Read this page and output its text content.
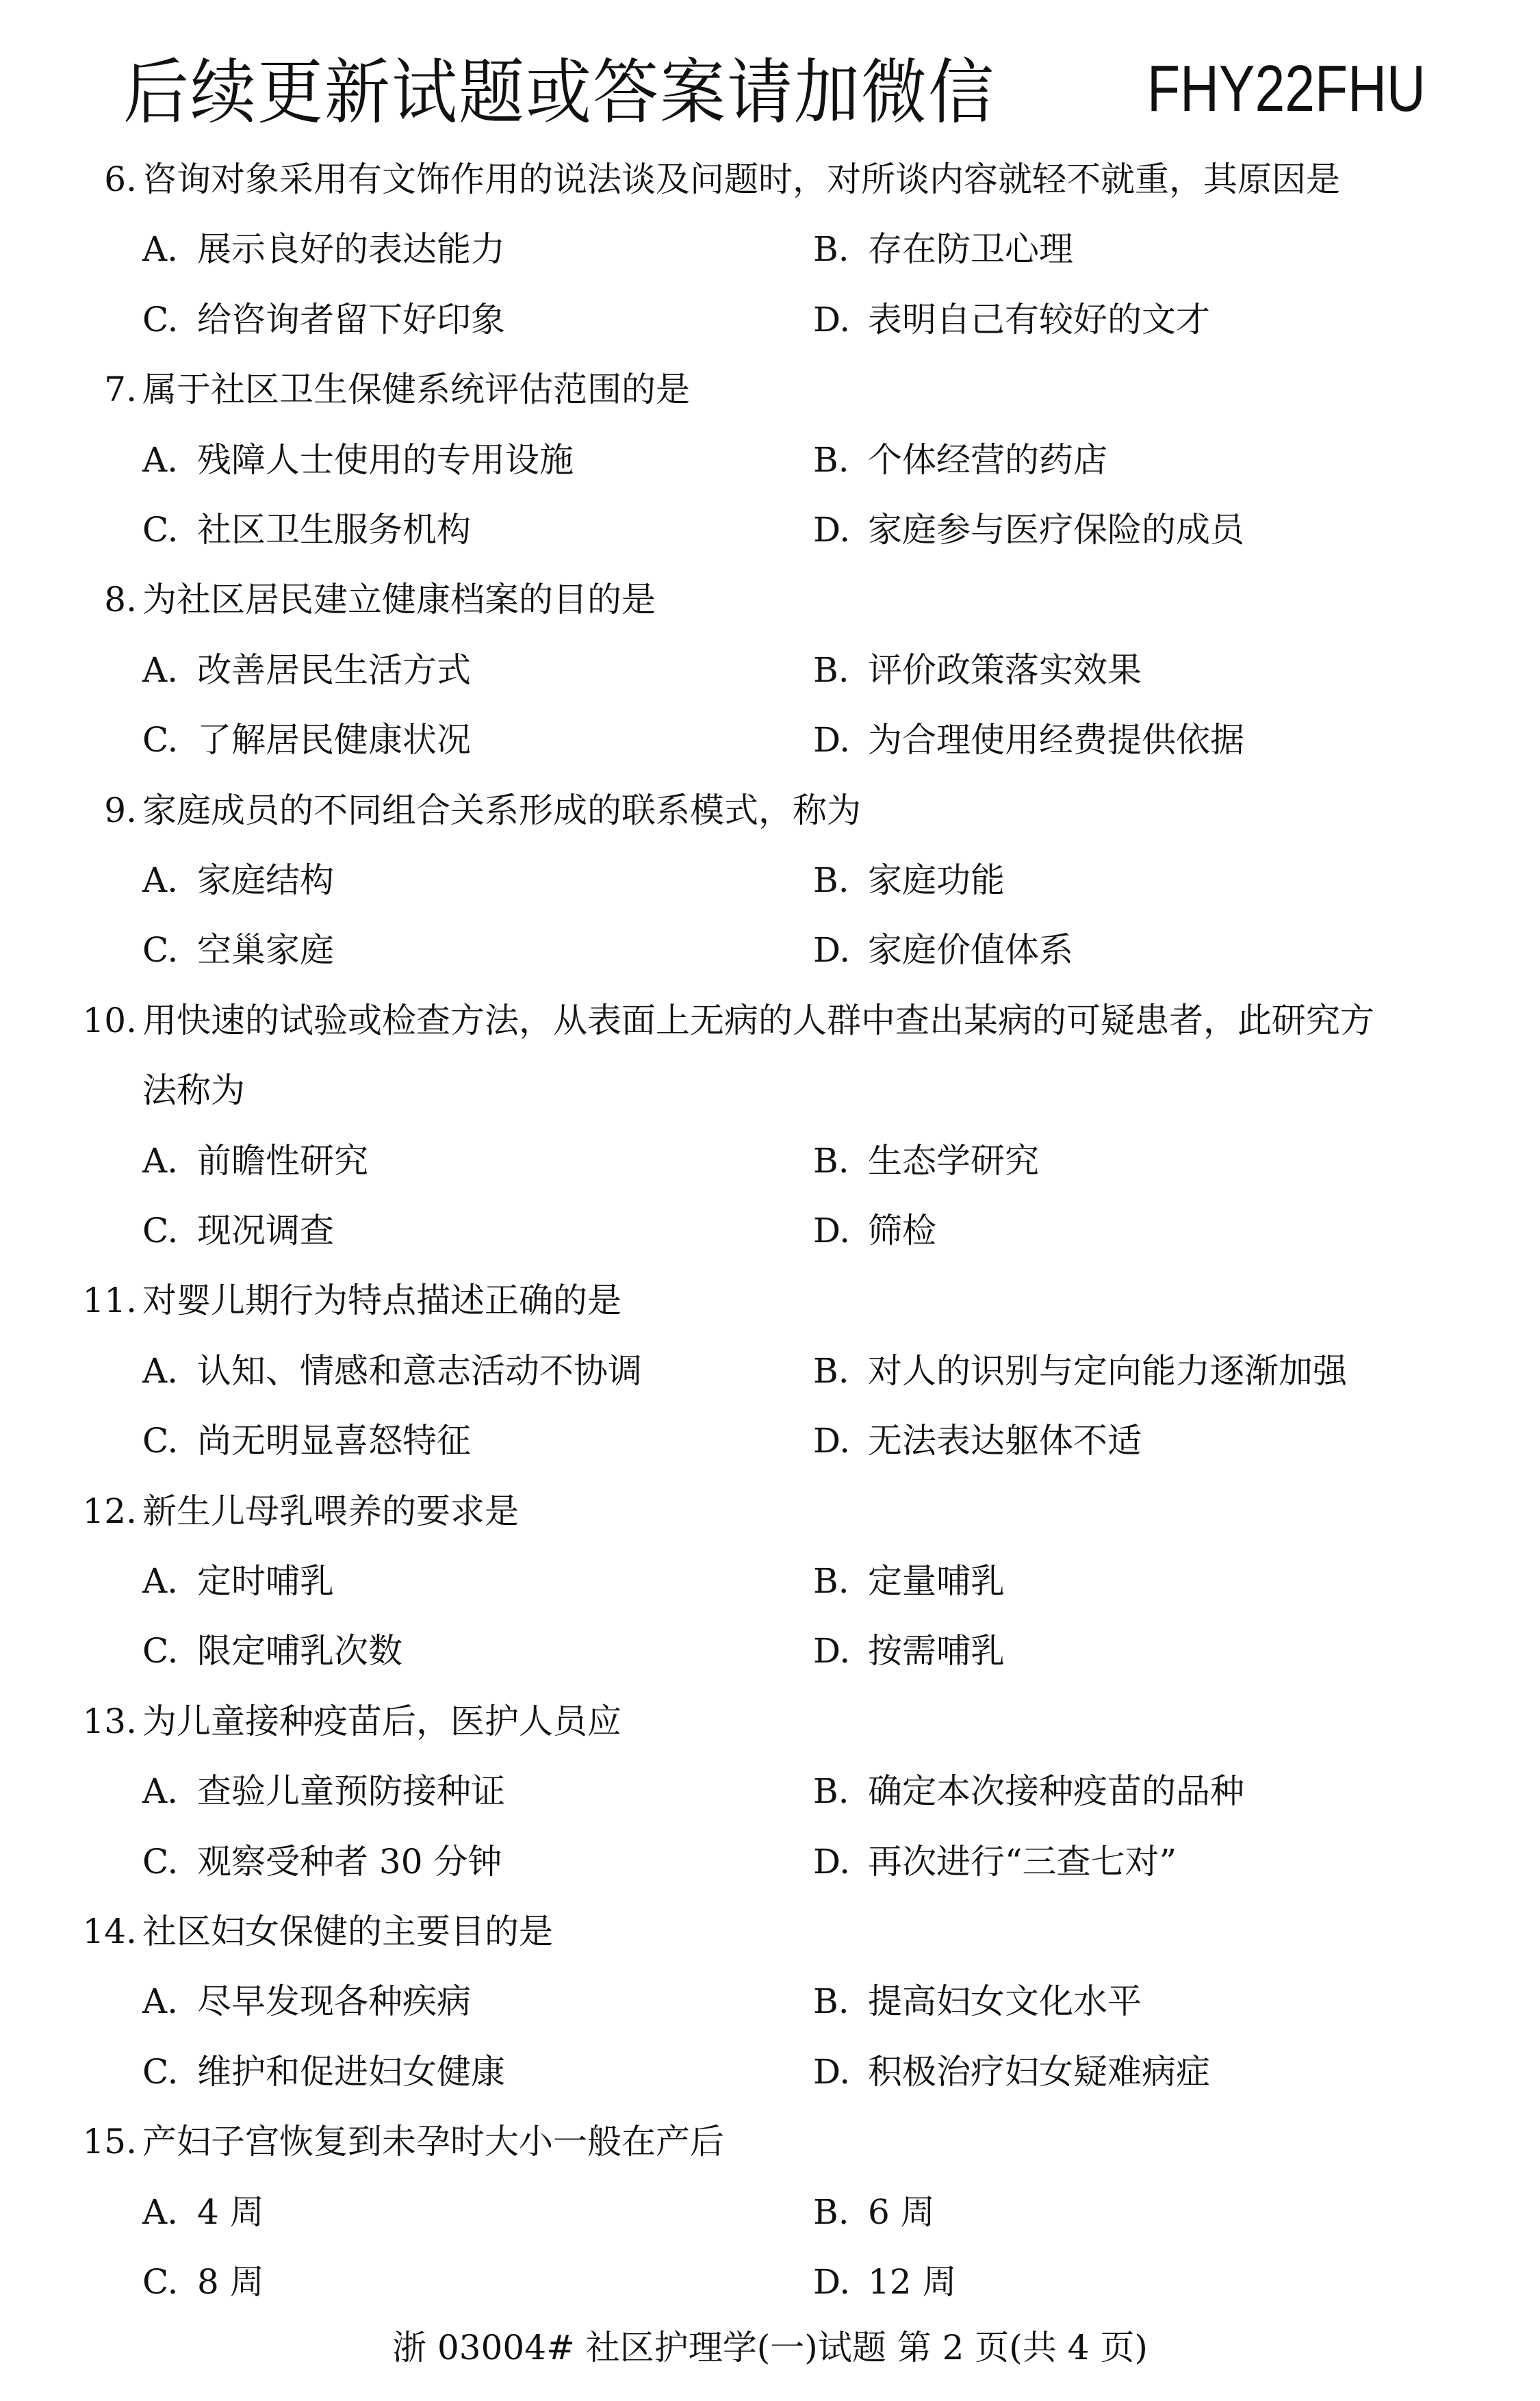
后续更新试题或答案请加微信 FHY22FHU
6. 咨询对象采用有文饰作用的说法谈及问题时，对所谈内容就轻不就重，其原因是
A. 展示良好的表达能力	B. 存在防卫心理
C. 给咨询者留下好印象	D. 表明自己有较好的文才
7. 属于社区卫生保健系统评估范围的是
A. 残障人士使用的专用设施	B. 个体经营的药店
C. 社区卫生服务机构	D. 家庭参与医疗保险的成员
8. 为社区居民建立健康档案的目的是
A. 改善居民生活方式	B. 评价政策落实效果
C. 了解居民健康状况	D. 为合理使用经费提供依据
9. 家庭成员的不同组合关系形成的联系模式，称为
A. 家庭结构	B. 家庭功能
C. 空巢家庭	D. 家庭价值体系
10. 用快速的试验或检查方法，从表面上无病的人群中查出某病的可疑患者，此研究方
法称为
A. 前瞻性研究	B. 生态学研究
C. 现况调查	D. 筛检
11. 对婴儿期行为特点描述正确的是
A. 认知、情感和意志活动不协调	B. 对人的识别与定向能力逐渐加强
C. 尚无明显喜怒特征	D. 无法表达躯体不适
12. 新生儿母乳喂养的要求是
A. 定时哺乳	B. 定量哺乳
C. 限定哺乳次数	D. 按需哺乳
13. 为儿童接种疫苗后，医护人员应
A. 查验儿童预防接种证	B. 确定本次接种疫苗的品种
C. 观察受种者 30 分钟	D. 再次进行“三查七对”
14. 社区妇女保健的主要目的是
A. 尽早发现各种疾病	B. 提高妇女文化水平
C. 维护和促进妇女健康	D. 积极治疗妇女疑难病症
15. 产妇子宫恢复到未孕时大小一般在产后
A. 4 周	B. 6 周
C. 8 周	D. 12 周
浙 03004# 社区护理学(一)试题 第 2 页(共 4 页)
